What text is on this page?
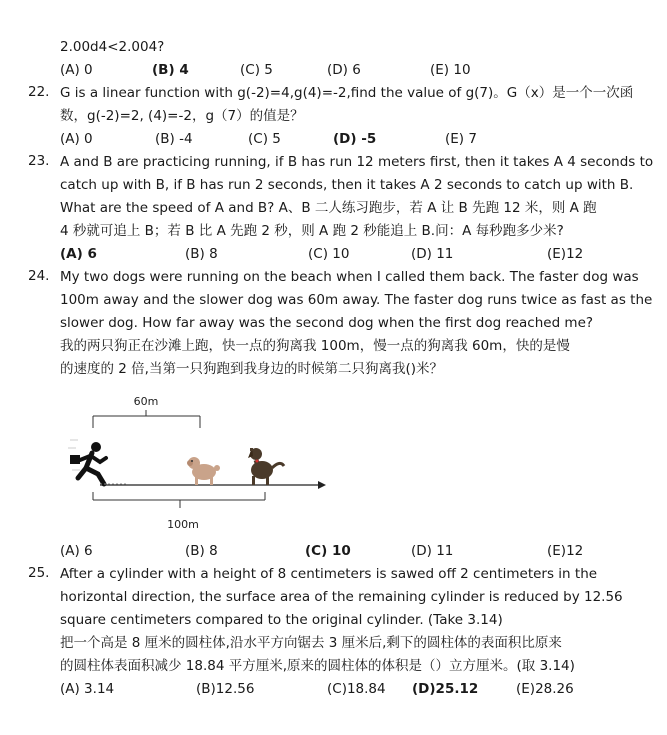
2.00d4<2.004?
(A) 0	(B) 4	(C) 5	(D) 6	(E) 10
22. G is a linear function with g(-2)=4,g(4)=-2,find the value of g(7)。G（x）是一个一次函
数，g(-2)=2, (4)=-2，g（7）的值是？
(A) 0	(B) -4	(C) 5	(D) -5	(E) 7
23. A and B are practicing running, if B has run 12 meters first, then it takes A 4 seconds to
catch up with B, if B has run 2 seconds, then it takes A 2 seconds to catch up with B.
What are the speed of A and B? A、B 二人练习跑步，若 A 让 B 先跑 12 米，则 A 跑
4 秒就可追上 B；若 B 比 A 先跑 2 秒，则 A 跑 2 秒能追上 B.问：A 每秒跑多少米?
(A) 6	(B) 8	(C) 10	(D) 11	(E)12
24. My two dogs were running on the beach when I called them back. The faster dog was
100m away and the slower dog was 60m away. The faster dog runs twice as fast as the
slower dog. How far away was the second dog when the first dog reached me?
我的两只狗正在沙滩上跑，快一点的狗离我 100m，慢一点的狗离我 60m，快的是慢
的速度的 2 倍,当第一只狗跑到我身边的时候第二只狗离我()米？
60m
100m
(A) 6	(B) 8	(C) 10	(D) 11	(E)12
25. After a cylinder with a height of 8 centimeters is sawed off 2 centimeters in the
horizontal direction, the surface area of the remaining cylinder is reduced by 12.56
square centimeters compared to the original cylinder. (Take 3.14)
把一个高是 8 厘米的圆柱体,沿水平方向锯去 3 厘米后,剩下的圆柱体的表面积比原来
的圆柱体表面积减少 18.84 平方厘米,原来的圆柱体的体积是（）立方厘米。(取 3.14)
(A) 3.14	(B)12.56	(C)18.84 (D)25.12	(E)28.26
